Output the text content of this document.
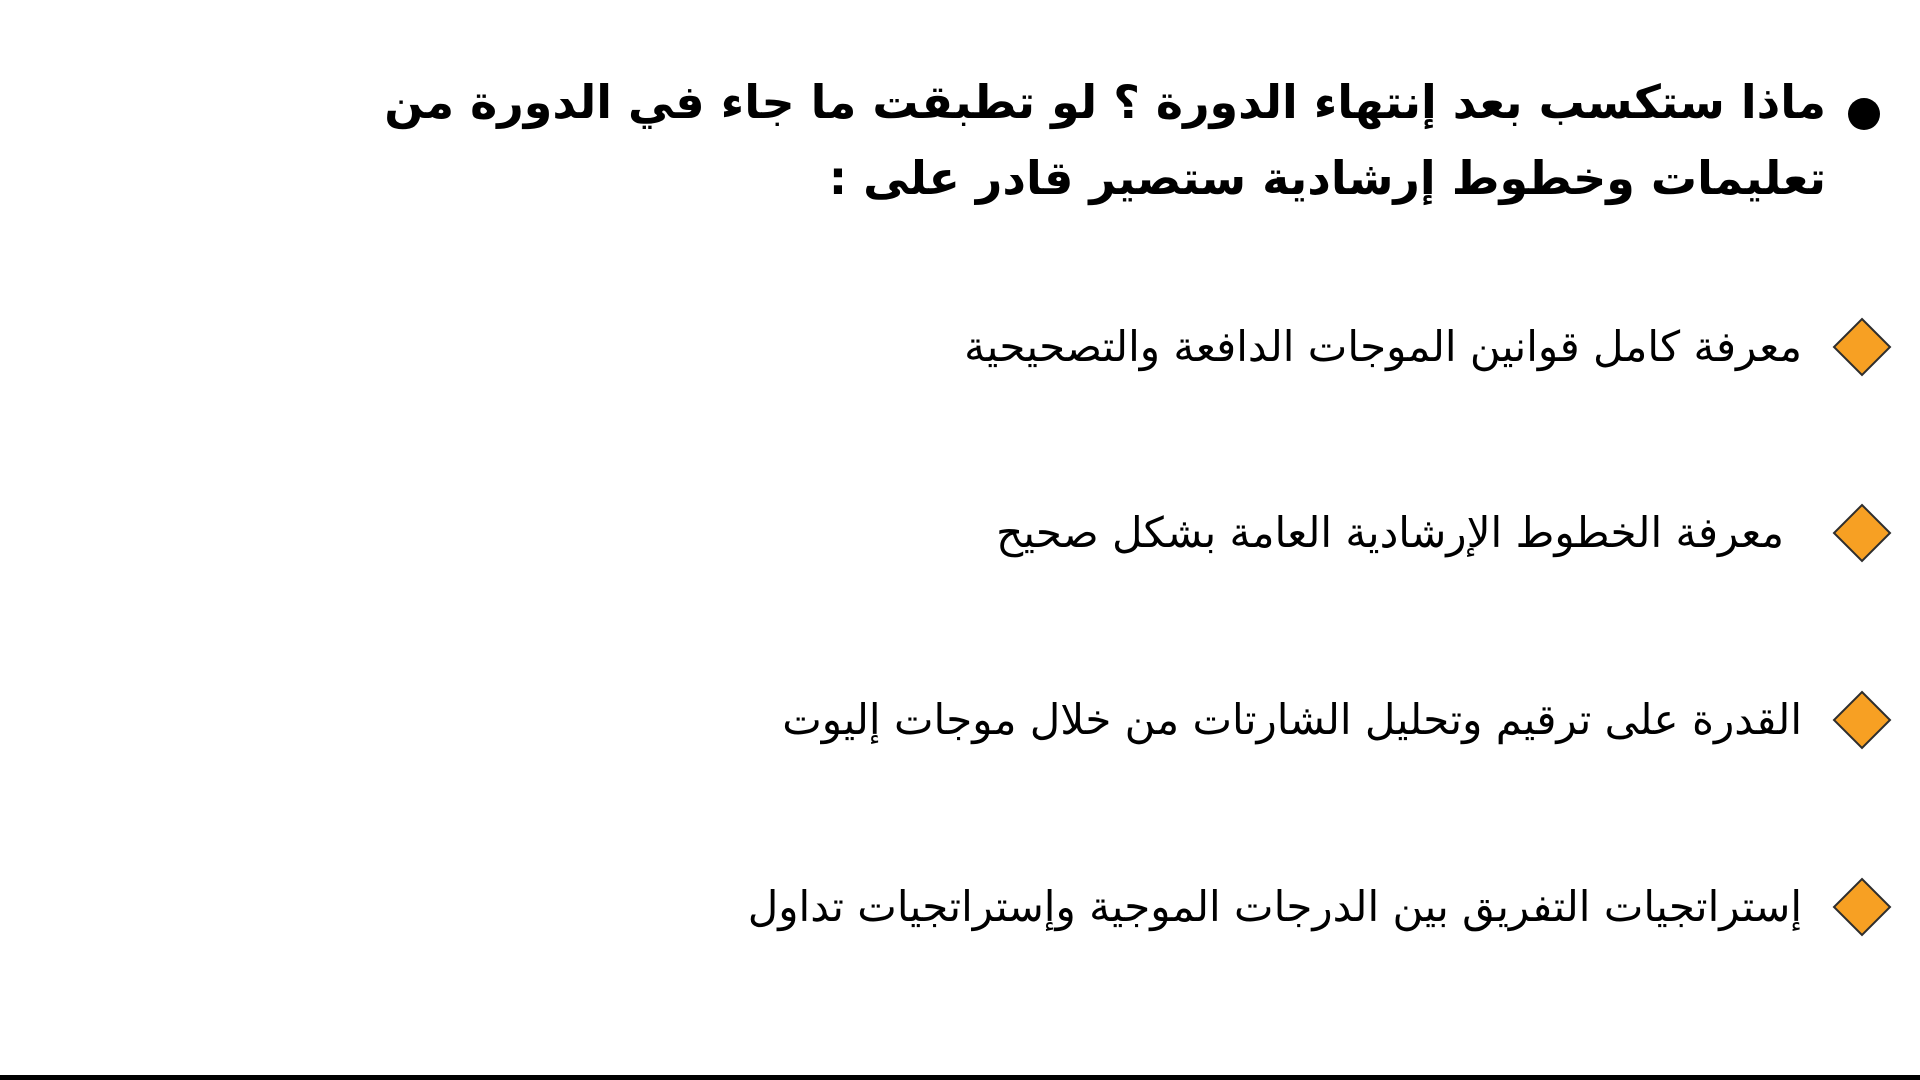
ماذا ستكسب بعد إنتهاء الدورة ؟ لو تطبقت ما جاء في الدورة من تعليمات وخطوط إرشادية ستصير قادر على :
معرفة كامل قوانين الموجات الدافعة والتصحيحية
معرفة الخطوط الإرشادية العامة بشكل صحيح
القدرة على ترقيم وتحليل الشارتات من خلال موجات إليوت
إستراتجيات التفريق بين الدرجات الموجية وإستراتجيات تداول
